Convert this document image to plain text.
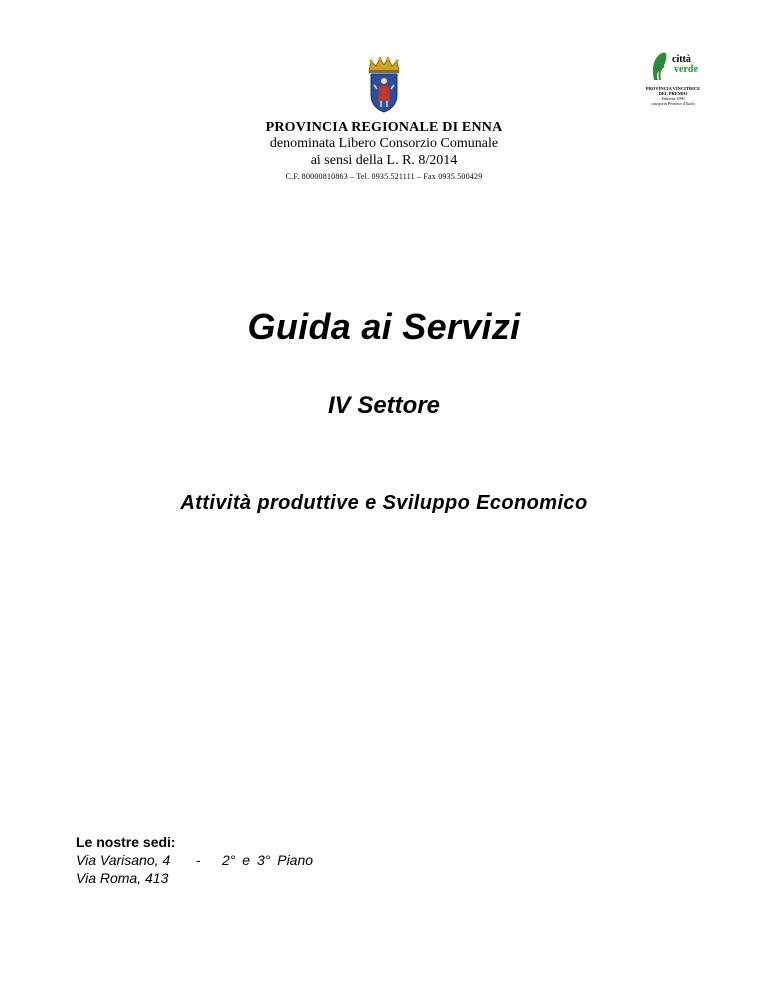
città
verde
PROVINCIA VINCITRICE
DEL PREMIO
Edizione 1996
categoria Province d'Italia
PROVINCIA REGIONALE DI ENNA
denominata Libero Consorzio Comunale
ai sensi della L. R. 8/2014
C.F. 80000810863 – Tel. 0935.521111 – Fax 0935.500429
Guida ai Servizi
IV Settore
Attività produttive e Sviluppo Economico
Le nostre sedi:
Via Varisano, 4 - 2° e 3° Piano
Via Roma, 413
